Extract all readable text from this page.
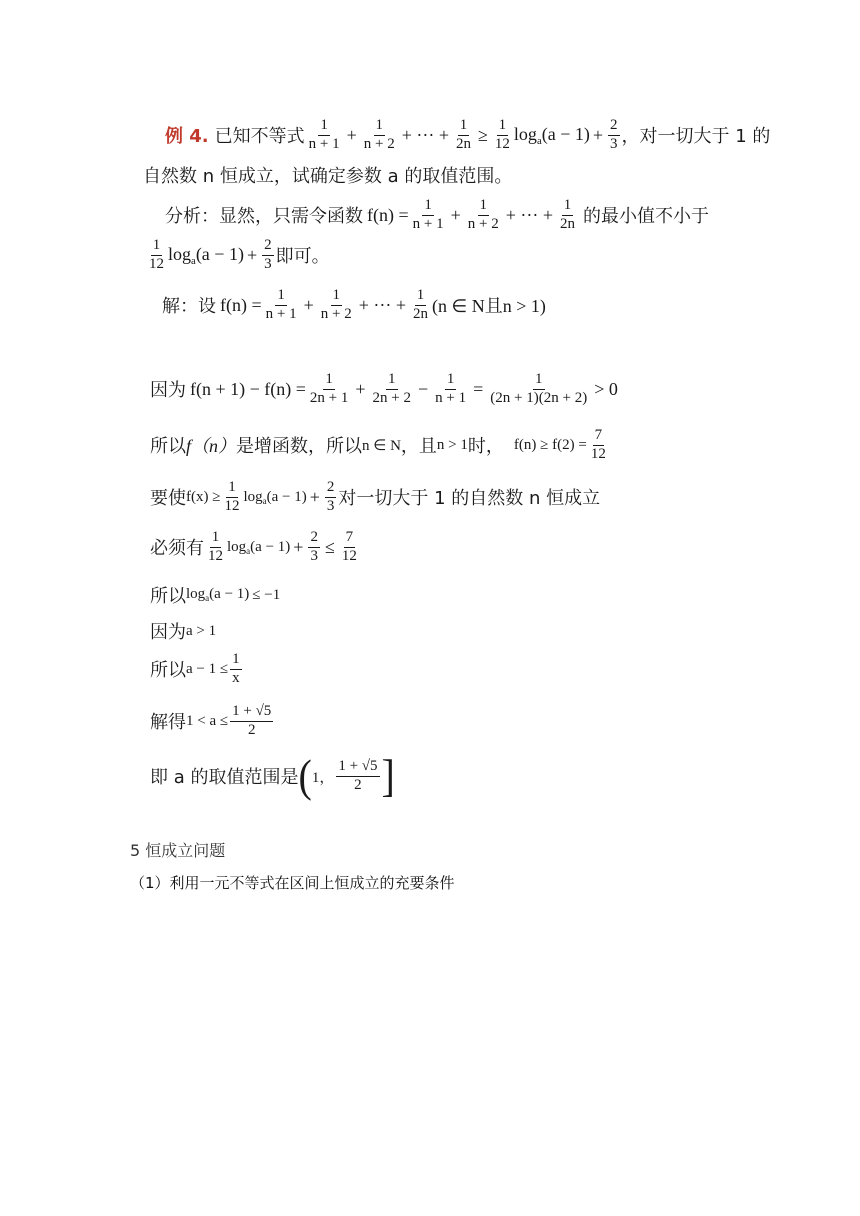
例 4. 已知不等式 $\frac{1}{n + 1} + \frac{1}{n + 2}$ + ··· + $\frac{1}{2n} \ge \frac{1}{12} \log_a(a - 1) + \frac{2}{3}$ ，对一切大于 1 的
自然数 n 恒成立，试确定参数 a 的取值范围。
分析：显然，只需令函数 $f(n) = \frac{1}{n + 1} + \frac{1}{n + 2}$ + ··· + $\frac{1}{2n}$ 的最小值不小于
$\frac{1}{12} \log_a(a - 1) + \frac{2}{3}$ 即可。
解：设 $f(n) = \frac{1}{n + 1} + \frac{1}{n + 2}$ + ··· + $\frac{1}{2n} (n$ ∈ N且n > 1)
因为 $f(n + 1) - f(n) = \frac{1}{2n + 1} + \frac{1}{2n + 2} - \frac{1}{n + 1} = \frac{1}{(2n + 1)(2n + 2)} > 0$
所以 f（n） 是增函数，所以 n ∈ N ，且 n > 1 时， $f(n) \ge f(2) = \frac{7}{12}$
要使 $f(x) \ge \frac{1}{12} \log_a(a - 1) + \frac{2}{3}$ 对一切大于 1 的自然数 n 恒成立
必须有 $\frac{1}{12} \log_a(a - 1) + \frac{2}{3} \le \frac{7}{12}$
所以 $\log_a(a - 1) \le -1$
因为 a > 1
所以 $a - 1 \le \frac{1}{x}$
解得 $1 < a \le \frac{1 + √5}{2}$
即 a 的取值范围是 ( 1， $\frac{1 + √5}{2}$ ]
5 恒成立问题
（1）利用一元不等式在区间上恒成立的充要条件
